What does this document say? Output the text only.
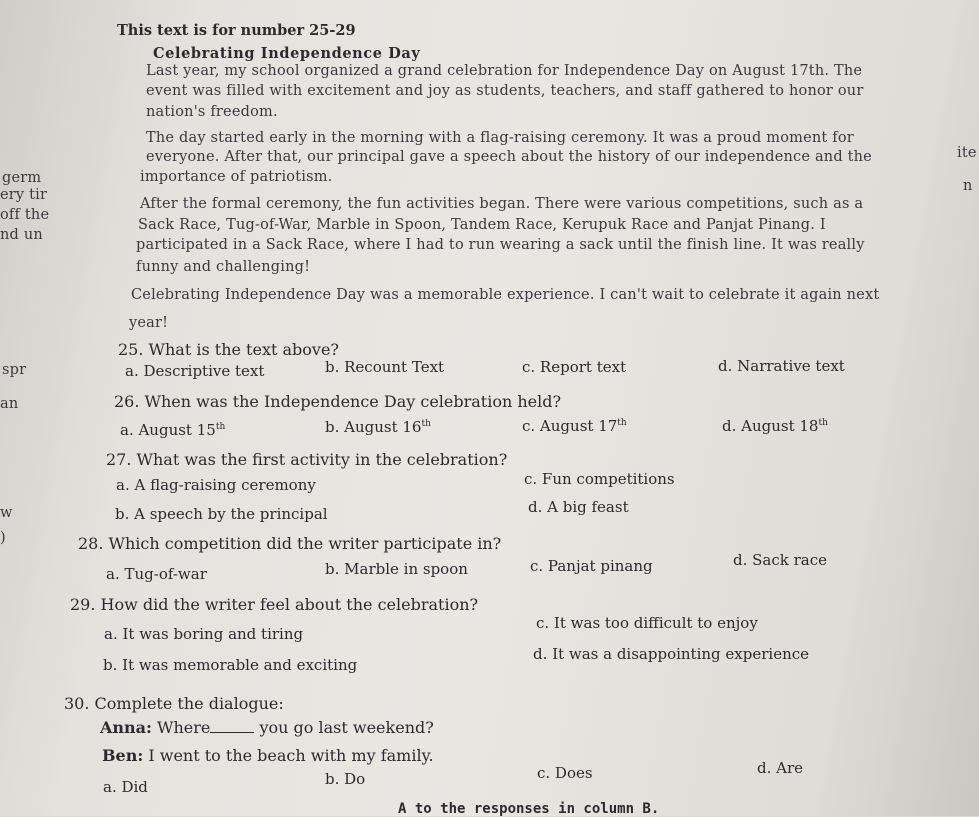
germ
ery tir
off the
nd un
spr
an
w
)
ite
n
This text is for number 25-29
Celebrating Independence Day
Last year, my school organized a grand celebration for Independence Day on August 17th. The
event was filled with excitement and joy as students, teachers, and staff gathered to honor our
nation's freedom.
The day started early in the morning with a flag-raising ceremony. It was a proud moment for
everyone. After that, our principal gave a speech about the history of our independence and the
importance of patriotism.
After the formal ceremony, the fun activities began. There were various competitions, such as a
Sack Race, Tug-of-War, Marble in Spoon, Tandem Race, Kerupuk Race and Panjat Pinang. I
participated in a Sack Race, where I had to run wearing a sack until the finish line. It was really
funny and challenging!
Celebrating Independence Day was a memorable experience. I can't wait to celebrate it again next
year!
25. What is the text above?
a. Descriptive text	b. Recount Text	c. Report text	d. Narrative text
26. When was the Independence Day celebration held?
a. August 15th	b. August 16th	c. August 17th	d. August 18th
27. What was the first activity in the celebration?
a. A flag-raising ceremony
b. A speech by the principal
c. Fun competitions
d. A big feast
28. Which competition did the writer participate in?
a. Tug-of-war	b. Marble in spoon	c. Panjat pinang	d. Sack race
29. How did the writer feel about the celebration?
a. It was boring and tiring
b. It was memorable and exciting
c. It was too difficult to enjoy
d. It was a disappointing experience
30. Complete the dialogue:
Anna: Where	you go last weekend?
Ben: I went to the beach with my family.
a. Did	b. Do	c. Does	d. Are
A to the responses in column B.
